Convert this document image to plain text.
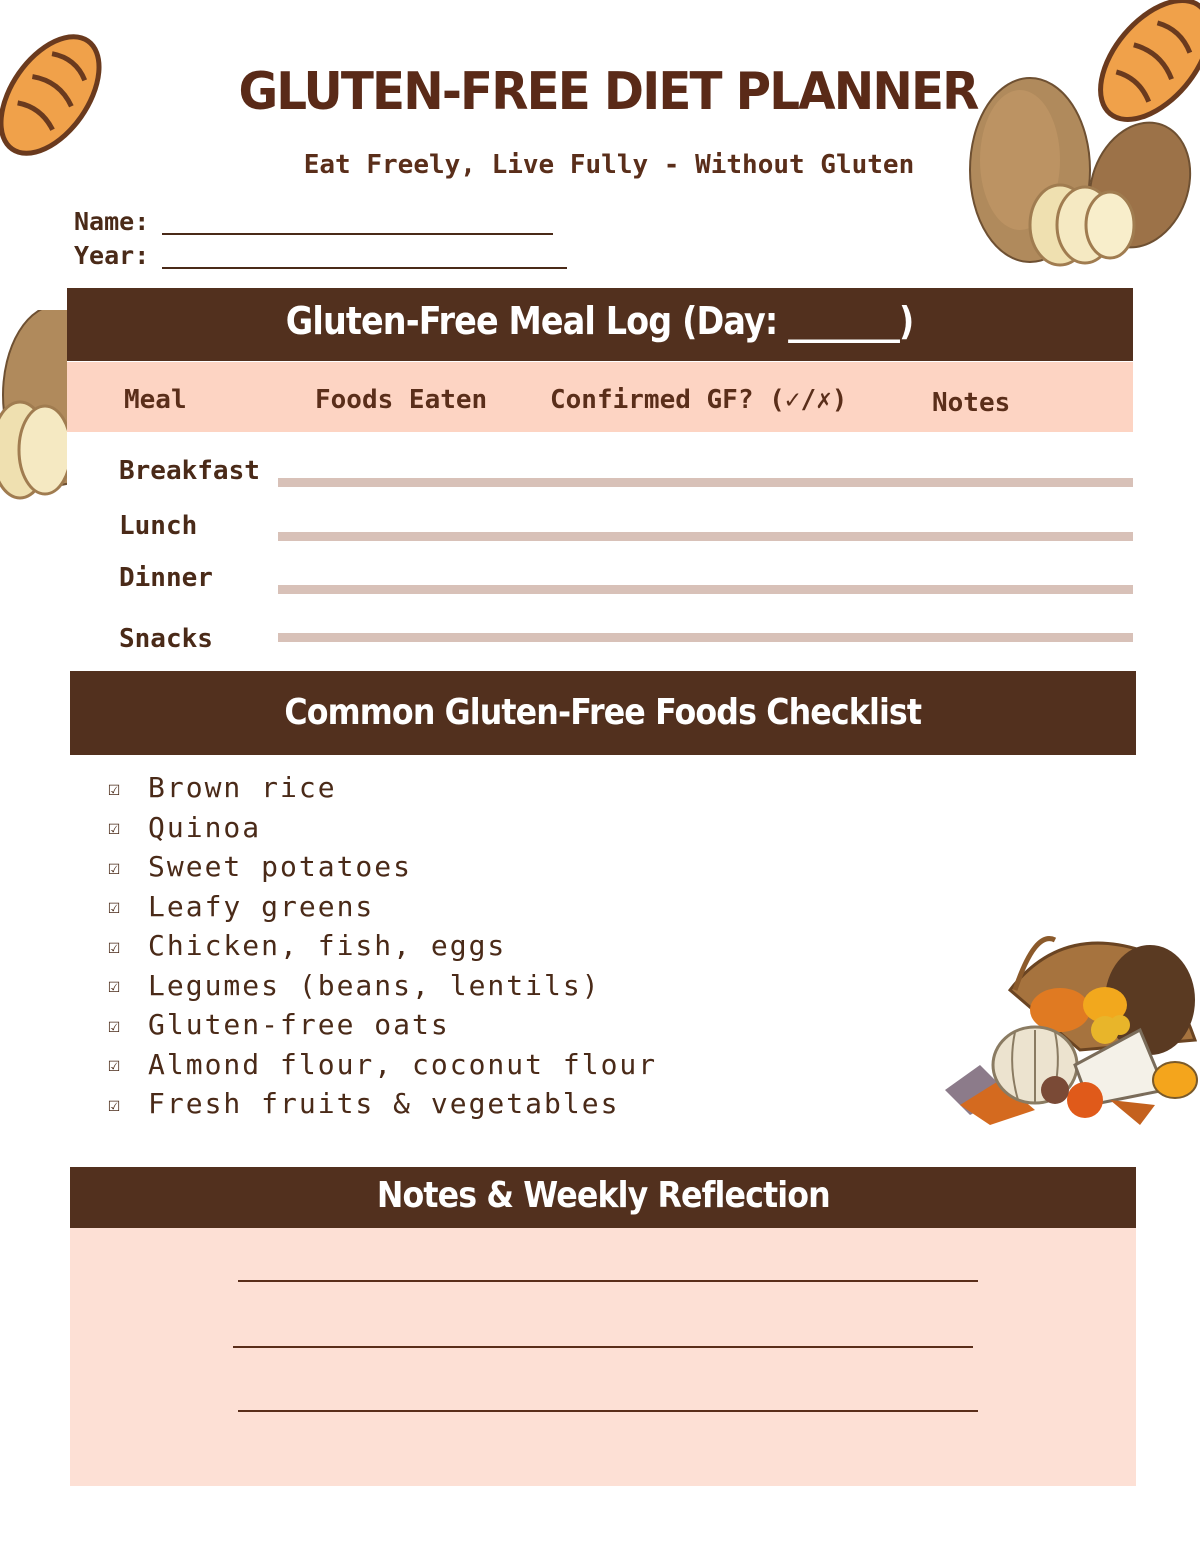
GLUTEN-FREE DIET PLANNER
Eat Freely, Live Fully - Without Gluten
Name:
Year:
Gluten-Free Meal Log (Day: _______)
Meal	Foods Eaten Confirmed GF? (✓/✗)	Notes
Breakfast
Lunch
Dinner
Snacks
Common Gluten-Free Foods Checklist
☑ Brown rice
☑ Quinoa
☑ Sweet potatoes
☑ Leafy greens
☑ Chicken, fish, eggs
☑ Legumes (beans, lentils)
☑ Gluten-free oats
☑ Almond flour, coconut flour
☑ Fresh fruits & vegetables
Notes & Weekly Reflection
